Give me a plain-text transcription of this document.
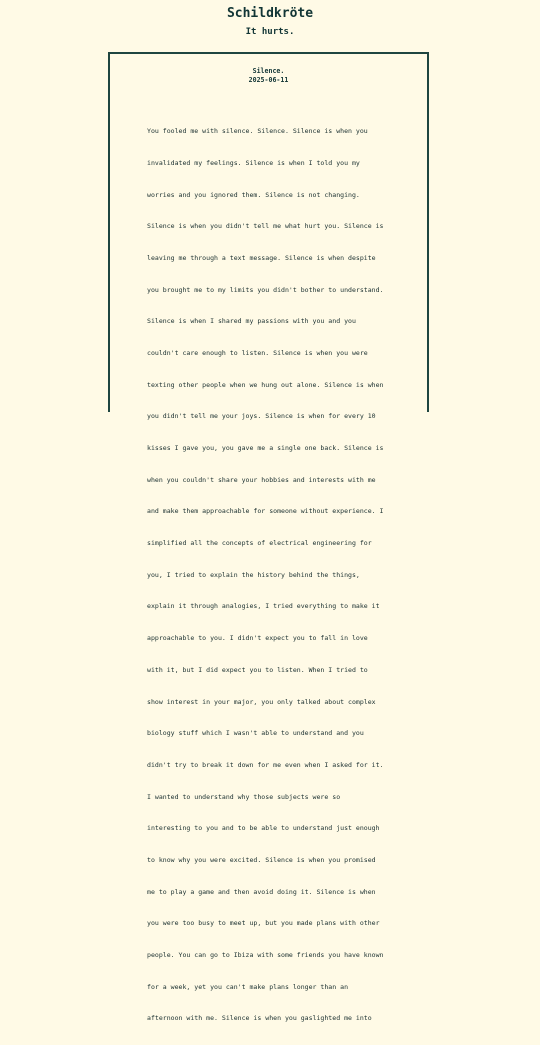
Schildkröte
It hurts.
Silence.
2025-06-11

You fooled me with silence. Silence. Silence is when you

invalidated my feelings. Silence is when I told you my

worries and you ignored them. Silence is not changing.

Silence is when you didn't tell me what hurt you. Silence is

leaving me through a text message. Silence is when despite

you brought me to my limits you didn't bother to understand.

Silence is when I shared my passions with you and you

couldn't care enough to listen. Silence is when you were

texting other people when we hung out alone. Silence is when

you didn't tell me your joys. Silence is when for every 10

kisses I gave you, you gave me a single one back. Silence is

when you couldn't share your hobbies and interests with me

and make them approachable for someone without experience. I

simplified all the concepts of electrical engineering for

you, I tried to explain the history behind the things,

explain it through analogies, I tried everything to make it

approachable to you. I didn't expect you to fall in love

with it, but I did expect you to listen. When I tried to

show interest in your major, you only talked about complex

biology stuff which I wasn't able to understand and you

didn't try to break it down for me even when I asked for it.

I wanted to understand why those subjects were so

interesting to you and to be able to understand just enough

to know why you were excited. Silence is when you promised

me to play a game and then avoid doing it. Silence is when

you were too busy to meet up, but you made plans with other

people. You can go to Ibiza with some friends you have known

for a week, yet you can't make plans longer than an

afternoon with me. Silence is when you gaslighted me into
